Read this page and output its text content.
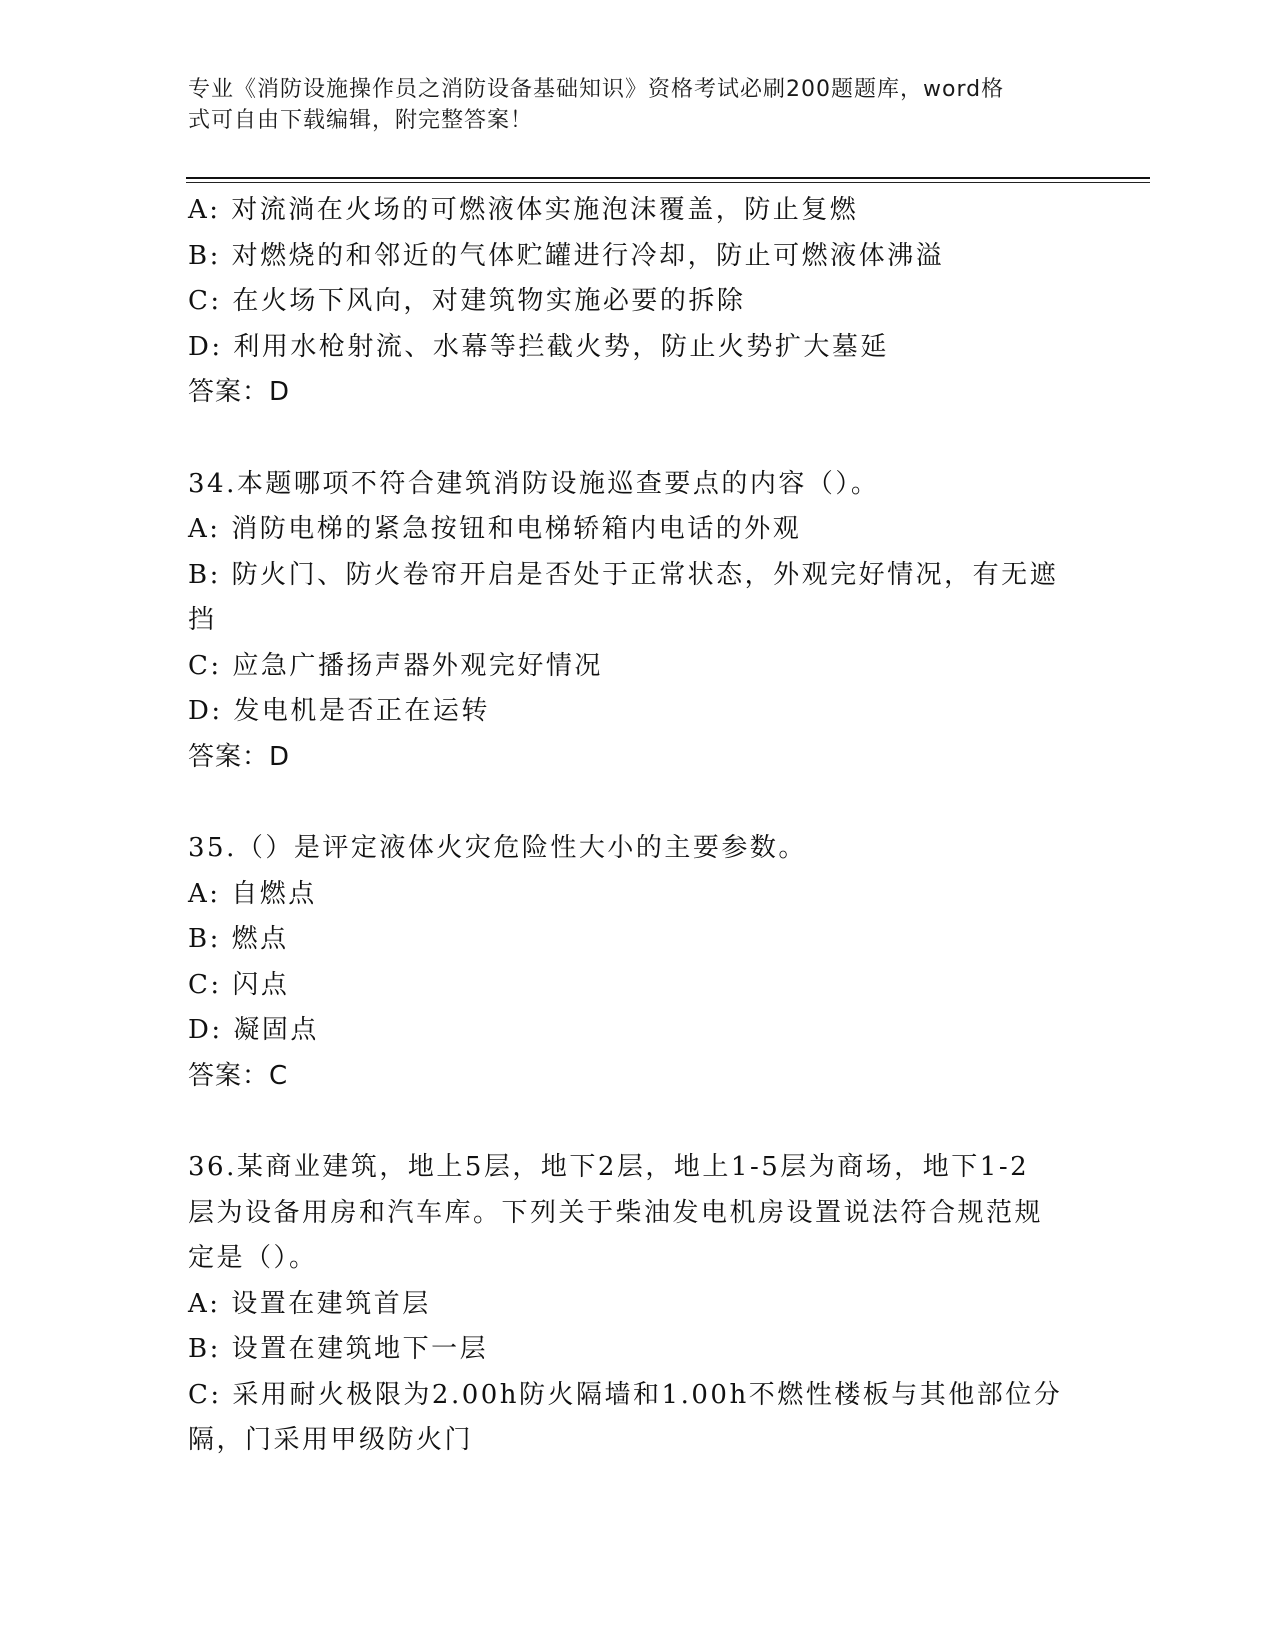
专业《消防设施操作员之消防设备基础知识》资格考试必刷200题题库，word格
式可自由下载编辑，附完整答案！
A: 对流淌在火场的可燃液体实施泡沫覆盖，防止复燃
B: 对燃烧的和邻近的气体贮罐进行冷却，防止可燃液体沸溢
C: 在火场下风向，对建筑物实施必要的拆除
D: 利用水枪射流、水幕等拦截火势，防止火势扩大墓延
答案：D
34.本题哪项不符合建筑消防设施巡查要点的内容（）。
A: 消防电梯的紧急按钮和电梯轿箱内电话的外观
B: 防火门、防火卷帘开启是否处于正常状态，外观完好情况，有无遮
挡
C: 应急广播扬声器外观完好情况
D: 发电机是否正在运转
答案：D
35.（）是评定液体火灾危险性大小的主要参数。
A: 自燃点
B: 燃点
C: 闪点
D: 凝固点
答案：C
36.某商业建筑，地上5层，地下2层，地上1-5层为商场，地下1-2
层为设备用房和汽车库。下列关于柴油发电机房设置说法符合规范规
定是（）。
A: 设置在建筑首层
B: 设置在建筑地下一层
C: 采用耐火极限为2.00h防火隔墙和1.00h不燃性楼板与其他部位分
隔，门采用甲级防火门
